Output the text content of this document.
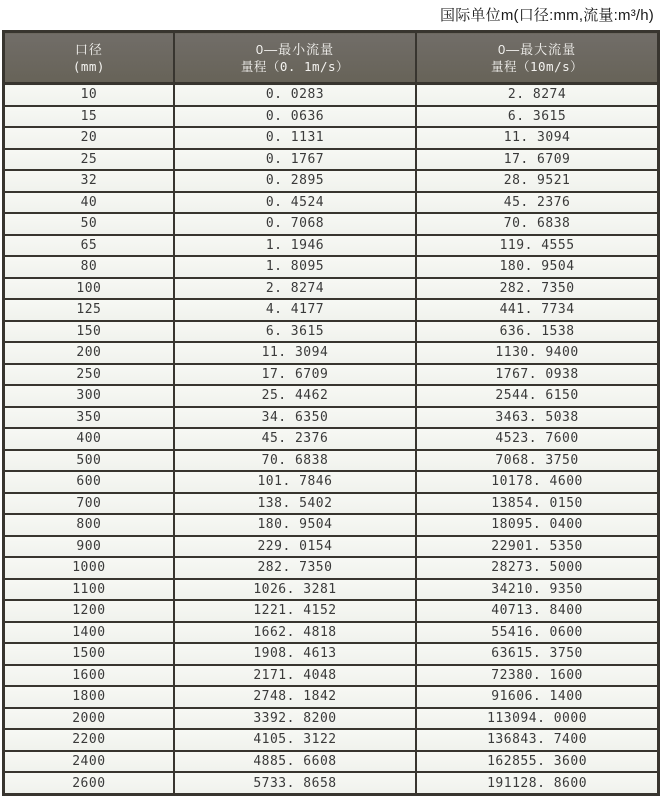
国际单位m(口径:mm,流量:m³/h)
口径
(mm)

0—最小流量
量程（0. 1m/s）

0—最大流量
量程（10m/s）

10	0. 0283	2. 8274
15	0. 0636	6. 3615
20	0. 1131	11. 3094
25	0. 1767	17. 6709
32	0. 2895	28. 9521
40	0. 4524	45. 2376
50	0. 7068	70. 6838
65	1. 1946	119. 4555
80	1. 8095	180. 9504
100	2. 8274	282. 7350
125	4. 4177	441. 7734
150	6. 3615	636. 1538
200	11. 3094	1130. 9400
250	17. 6709	1767. 0938
300	25. 4462	2544. 6150
350	34. 6350	3463. 5038
400	45. 2376	4523. 7600
500	70. 6838	7068. 3750
600	101. 7846	10178. 4600
700	138. 5402	13854. 0150
800	180. 9504	18095. 0400
900	229. 0154	22901. 5350
1000	282. 7350	28273. 5000
1100	1026. 3281	34210. 9350
1200	1221. 4152	40713. 8400
1400	1662. 4818	55416. 0600
1500	1908. 4613	63615. 3750
1600	2171. 4048	72380. 1600
1800	2748. 1842	91606. 1400
2000	3392. 8200	113094. 0000
2200	4105. 3122	136843. 7400
2400	4885. 6608	162855. 3600
2600	5733. 8658	191128. 8600
